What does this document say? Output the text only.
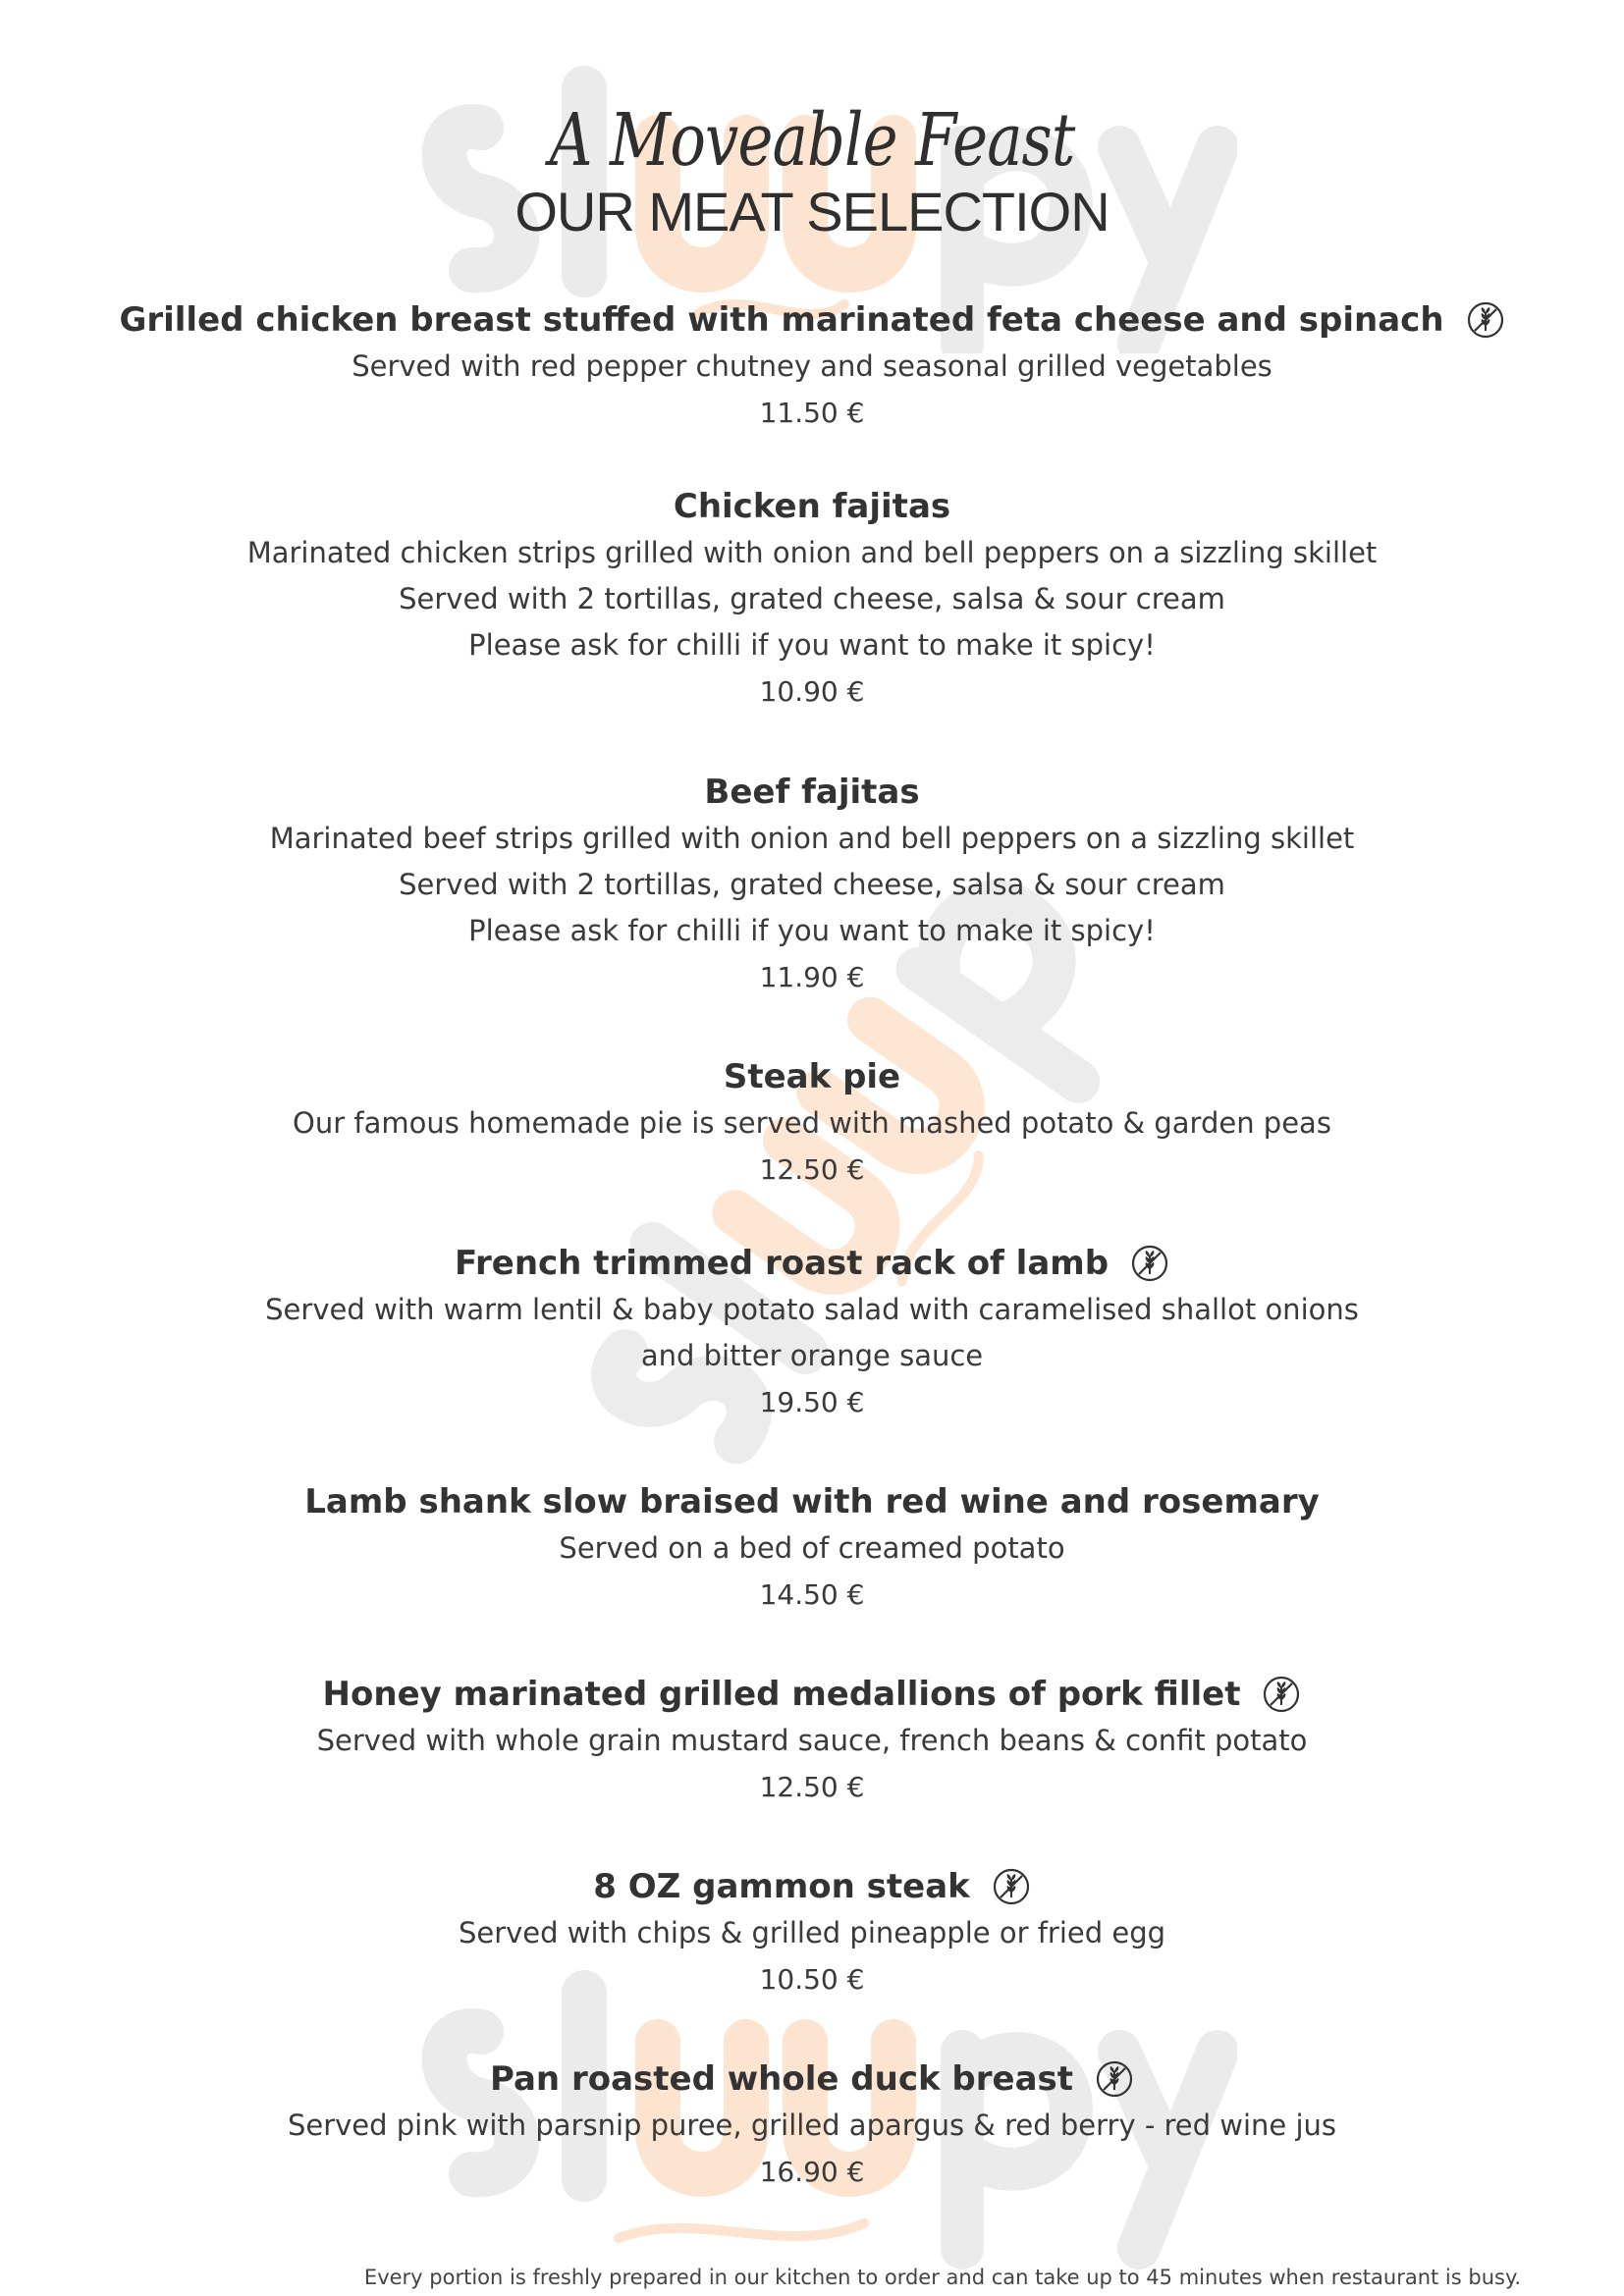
A Moveable Feast
OUR MEAT SELECTION
Grilled chicken breast stuffed with marinated feta cheese and spinach
Served with red pepper chutney and seasonal grilled vegetables
11.50 €
Chicken fajitas
Marinated chicken strips grilled with onion and bell peppers on a sizzling skillet
Served with 2 tortillas, grated cheese, salsa & sour cream
Please ask for chilli if you want to make it spicy!
10.90 €
Beef fajitas
Marinated beef strips grilled with onion and bell peppers on a sizzling skillet
Served with 2 tortillas, grated cheese, salsa & sour cream
Please ask for chilli if you want to make it spicy!
11.90 €
Steak pie
Our famous homemade pie is served with mashed potato & garden peas
12.50 €
French trimmed roast rack of lamb
Served with warm lentil & baby potato salad with caramelised shallot onions
and bitter orange sauce
19.50 €
Lamb shank slow braised with red wine and rosemary
Served on a bed of creamed potato
14.50 €
Honey marinated grilled medallions of pork fillet
Served with whole grain mustard sauce, french beans & confit potato
12.50 €
8 OZ gammon steak
Served with chips & grilled pineapple or fried egg
10.50 €
Pan roasted whole duck breast
Served pink with parsnip puree, grilled apargus & red berry - red wine jus
16.90 €
Every portion is freshly prepared in our kitchen to order and can take up to 45 minutes when restaurant is busy.
